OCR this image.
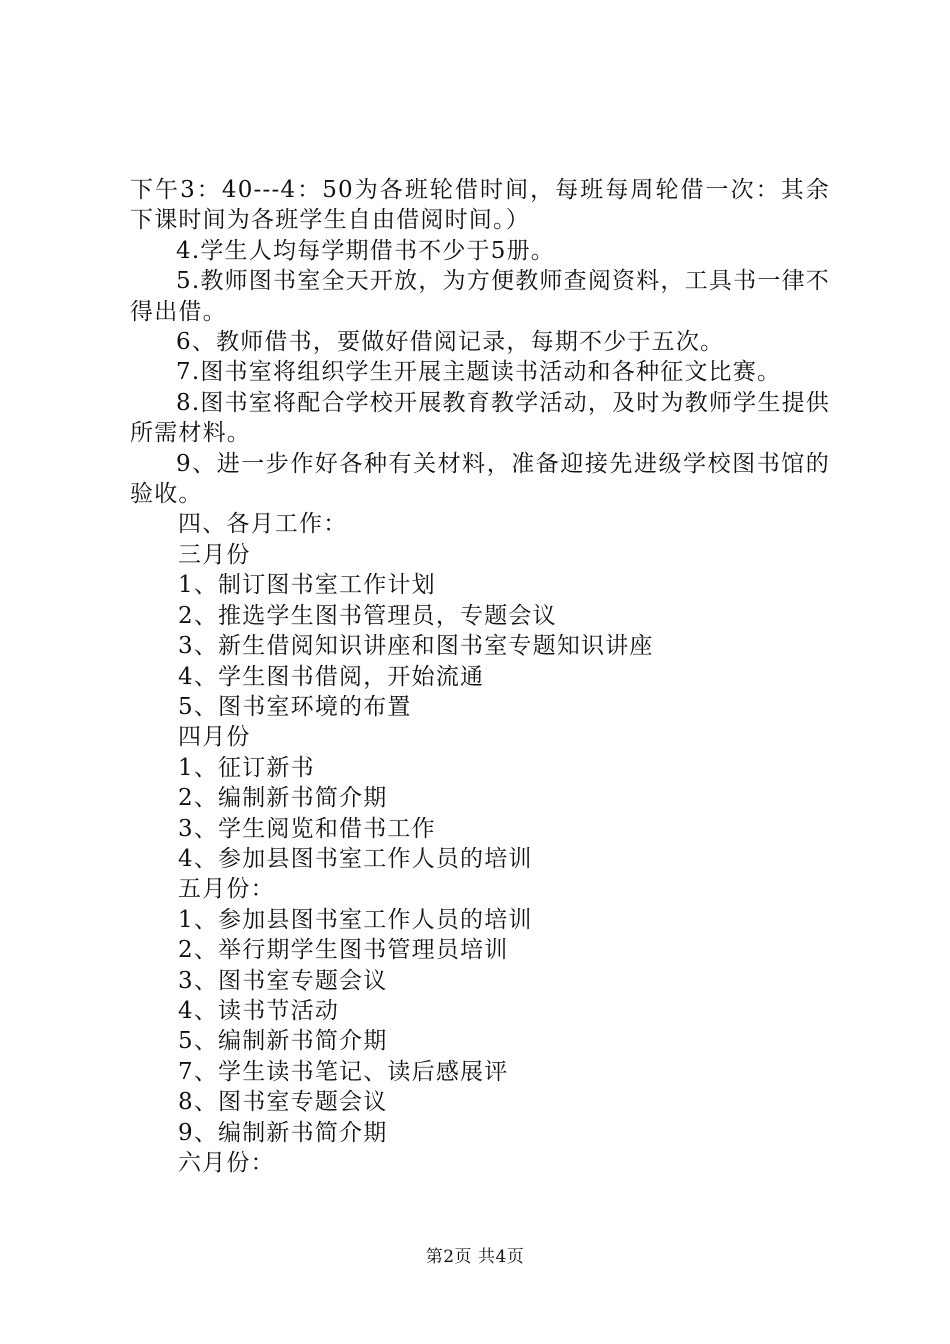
下午3：40---4：50为各班轮借时间，每班每周轮借一次：其余下课时间为各班学生自由借阅时间。）

4.学生人均每学期借书不少于5册。

5.教师图书室全天开放，为方便教师查阅资料，工具书一律不得出借。

6、教师借书，要做好借阅记录，每期不少于五次。

7.图书室将组织学生开展主题读书活动和各种征文比赛。

8.图书室将配合学校开展教育教学活动，及时为教师学生提供所需材料。

9、进一步作好各种有关材料，准备迎接先进级学校图书馆的验收。

四、各月工作：

三月份

1、制订图书室工作计划

2、推选学生图书管理员，专题会议

3、新生借阅知识讲座和图书室专题知识讲座

4、学生图书借阅，开始流通

5、图书室环境的布置

四月份

1、征订新书

2、编制新书简介期

3、学生阅览和借书工作

4、参加县图书室工作人员的培训

五月份：

1、参加县图书室工作人员的培训

2、举行期学生图书管理员培训

3、图书室专题会议

4、读书节活动

5、编制新书简介期

7、学生读书笔记、读后感展评

8、图书室专题会议

9、编制新书简介期

六月份：

第2页 共4页
